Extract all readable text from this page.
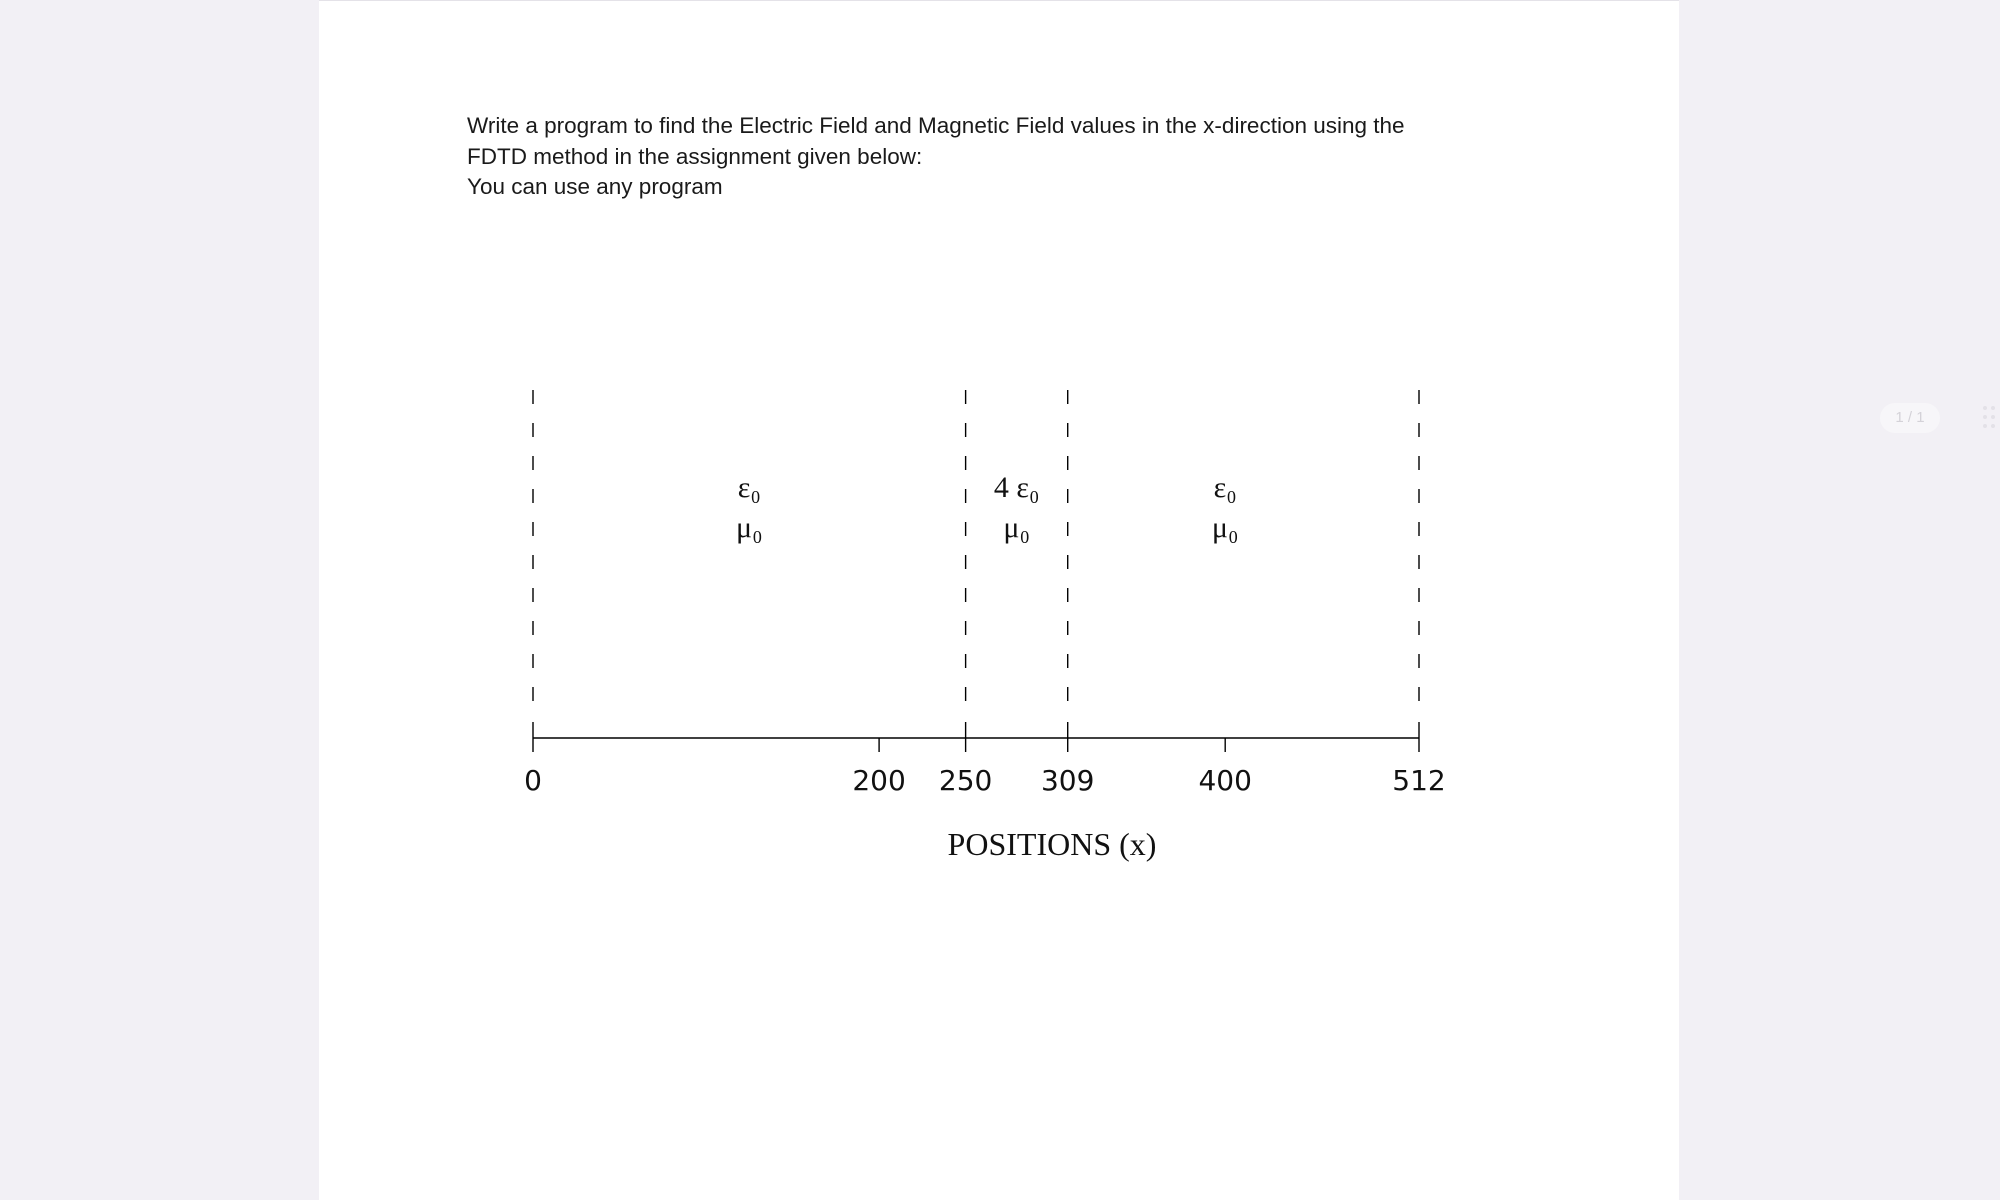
Write a program to find the Electric Field and Magnetic Field values in the x-direction using the
FDTD method in the assignment given below:
You can use any program
0	200 250 309	400	512
ε₀
μ₀
4 ε₀
μ₀
ε₀
μ₀
POSITIONS (x)
1 / 1
